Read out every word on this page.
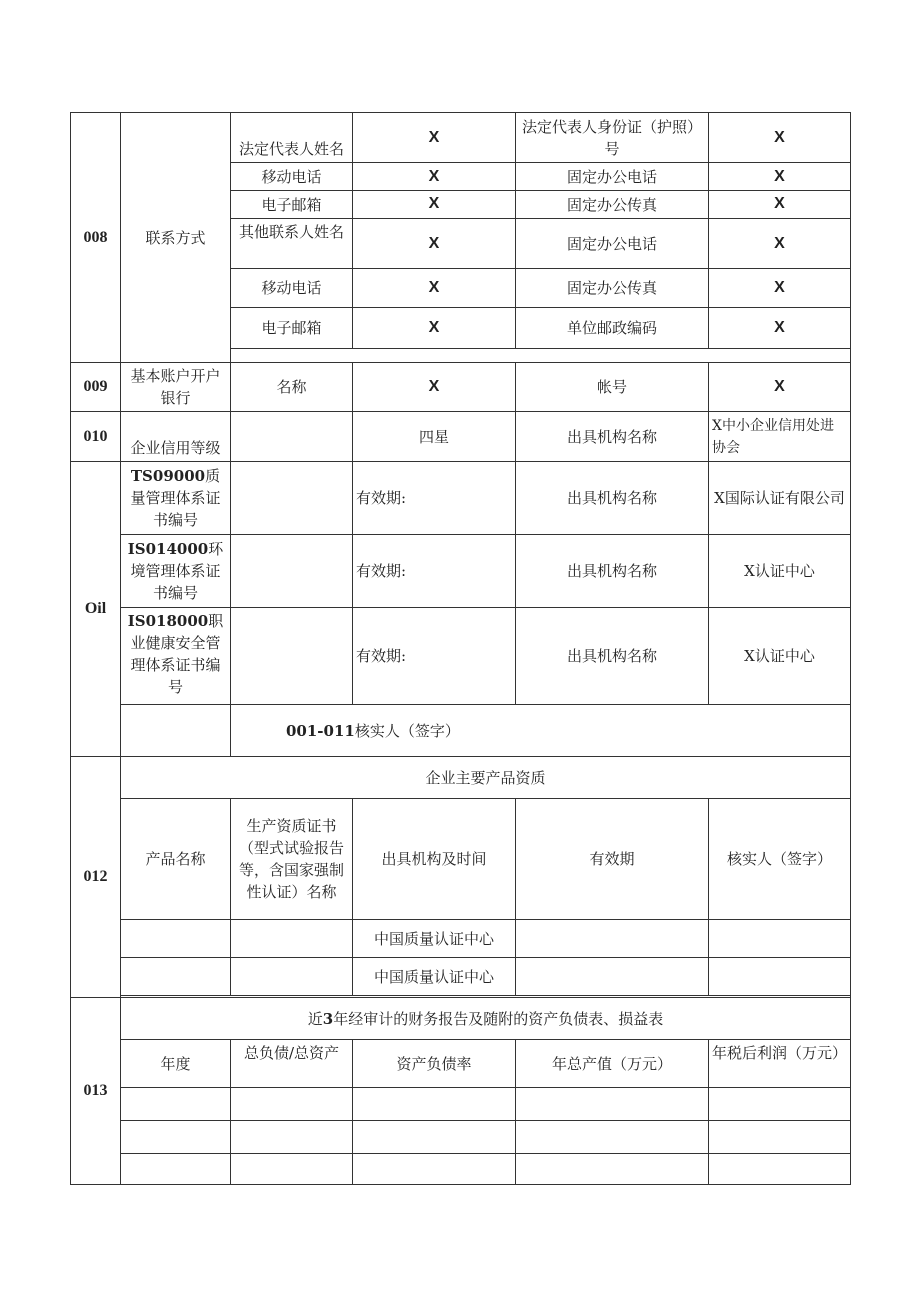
008	联系方式	法定代表人姓名	X	法定代表人身份证（护照）号	X
		移动电话	X	固定办公电话	X
		电子邮箱	X	固定办公传真	X
		其他联系人姓名	X	固定办公电话	X
		移动电话	X	固定办公传真	X
		电子邮箱	X	单位邮政编码	X

009	基本账户开户银行	名称	X	帐号	X
010	企业信用等级		四星	出具机构名称	X中小企业信用处进协会
Oil	TS09000质量管理体系证书编号		有效期:	出具机构名称	X国际认证有限公司
	IS014000环境管理体系证书编号		有效期:	出具机构名称	X认证中心
	IS018000职业健康安全管理体系证书编号		有效期:	出具机构名称	X认证中心
		001-011核实人（签字）			
012	企业主要产品资质				
	产品名称	生产资质证书（型式试验报告等，含国家强制性认证）名称	出具机构及时间	有效期	核实人（签字）
			中国质量认证中心		
			中国质量认证中心		

013	近3年经审计的财务报告及随附的资产负债表、损益表				
	年度	总负债/总资产	资产负债率	年总产值（万元）	年税后利润（万元）
